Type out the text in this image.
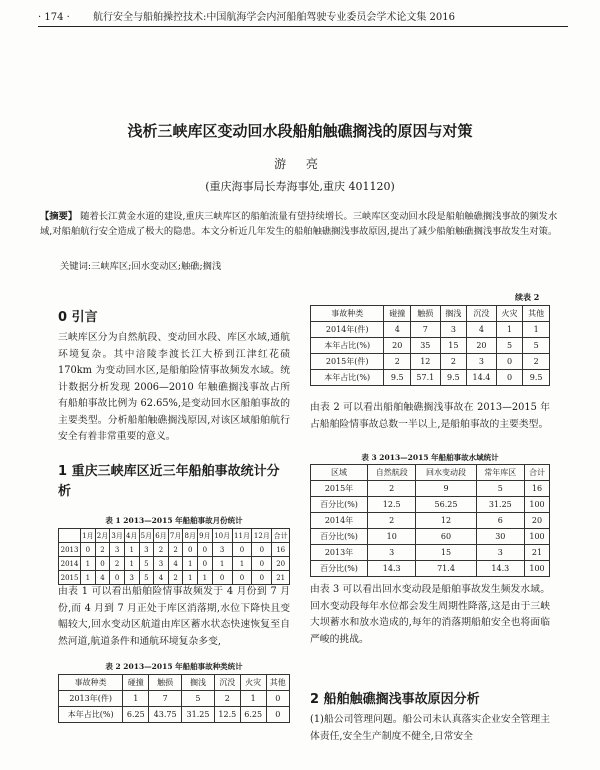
· 174 · 航行安全与船舶操控技术:中国航海学会内河船舶驾驶专业委员会学术论文集 2016
浅析三峡库区变动回水段船舶触礁搁浅的原因与对策
游 亮
(重庆海事局长寿海事处,重庆 401120)
【摘要】 随着长江黄金水道的建设,重庆三峡库区的船舶流量有望持续增长。三峡库区变动回水段是船舶触礁搁浅事故的频发水域,对船舶航行安全造成了极大的隐患。本文分析近几年发生的船舶触礁搁浅事故原因,提出了减少船舶触礁搁浅事故发生对策。
关键词:三峡库区;回水变动区;触礁;搁浅
0 引言
三峡库区分为自然航段、变动回水段、库区水域,通航环境复杂。其中涪陵李渡长江大桥到江津红花碛 170km 为变动回水区,是船舶险情事故频发水域。统计数据分析发现 2006—2010 年触礁搁浅事故占所有船舶事故比例为 62.65%,是变动回水区船舶事故的主要类型。分析船舶触礁搁浅原因,对该区域船舶航行安全有着非常重要的意义。
1 重庆三峡库区近三年船舶事故统计分析
表 1 2013—2015 年船舶事故月份统计
	1月	2月	3月	4月	5月	6月	7月	8月	9月	10月	11月	12月	合计
2013	0	2	3	1	3	2	2	0	0	3	0	0	16
2014	1	0	2	1	5	3	4	1	0	1	1	0	20
2015	1	4	0	3	5	4	2	1	1	0	0	0	21
由表 1 可以看出船舶险情事故频发于 4 月份到 7 月份,而 4 月到 7 月正处于库区消落期,水位下降快且变幅较大,回水变动区航道由库区蓄水状态快速恢复至自然河道,航道条件和通航环境复杂多变,
表 2 2013—2015 年船舶事故种类统计
事故种类	碰撞	触损	搁浅	沉没	火灾	其他
2013年(件)	1	7	5	2	1	0
本年占比(%)	6.25	43.75	31.25	12.5	6.25	0
续表 2
事故种类	碰撞	触损	搁浅	沉没	火灾	其他
2014年(件)	4	7	3	4	1	1
本年占比(%)	20	35	15	20	5	5
2015年(件)	2	12	2	3	0	2
本年占比(%)	9.5	57.1	9.5	14.4	0	9.5
由表 2 可以看出船舶触礁搁浅事故在 2013—2015 年占船舶险情事故总数一半以上,是船舶事故的主要类型。
表 3 2013—2015 年船舶事故水域统计
区域	自然航段	回水变动段	常年库区	合计
2015年	2	9	5	16
百分比(%)	12.5	56.25	31.25	100
2014年	2	12	6	20
百分比(%)	10	60	30	100
2013年	3	15	3	21
百分比(%)	14.3	71.4	14.3	100
由表 3 可以看出回水变动段是船舶事故发生频发水域。回水变动段每年水位都会发生周期性降落,这是由于三峡大坝蓄水和放水造成的,每年的消落期船舶安全也将面临严峻的挑战。
2 船舶触礁搁浅事故原因分析
(1)船公司管理问题。船公司未认真落实企业安全管理主体责任,安全生产制度不健全,日常安全
